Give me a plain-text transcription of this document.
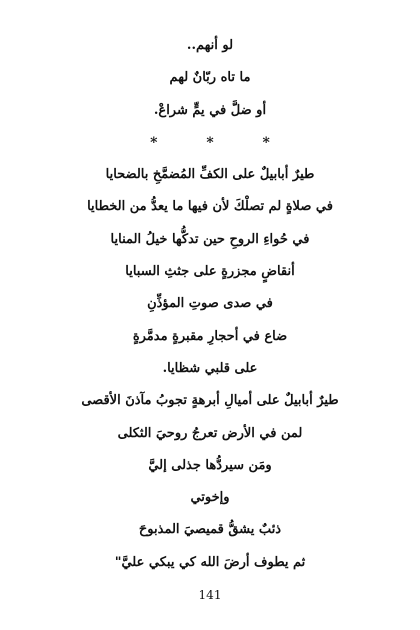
لو أنهم..
ما تاه ربّانٌ لهم
أو ضلَّ في يمٍّ شراعْ.
* * *
طيرٌ أبابيلٌ على الكفِّ المُضمَّخِ بالضحايا
في صلاةٍ لم تصلْكَ لأن فيها ما يعدُّ من الخطايا
في حُواءِ الروحِ حين تدكُّها خيلُ المنايا
أنقاضٍ مجزرةٍ على جثثِ السبايا
في صدى صوتِ المؤذِّنِ
ضاع في أحجارِ مقبرةٍ مدمَّرةٍ
على قلبي شظايا.
طيرٌ أبابيلٌ على أميالِ أبرهةٍ تجوبُ مآذنَ الأقصى
لمن في الأرض تعرجُ روحيَ الثكلى
ومَن سيردُّها جذلى إليَّ
وإخوتي
ذئبٌ يشقُّ قميصيَ المذبوحَ
ثم يطوف أرضَ الله كي يبكي عليَّ"
141
